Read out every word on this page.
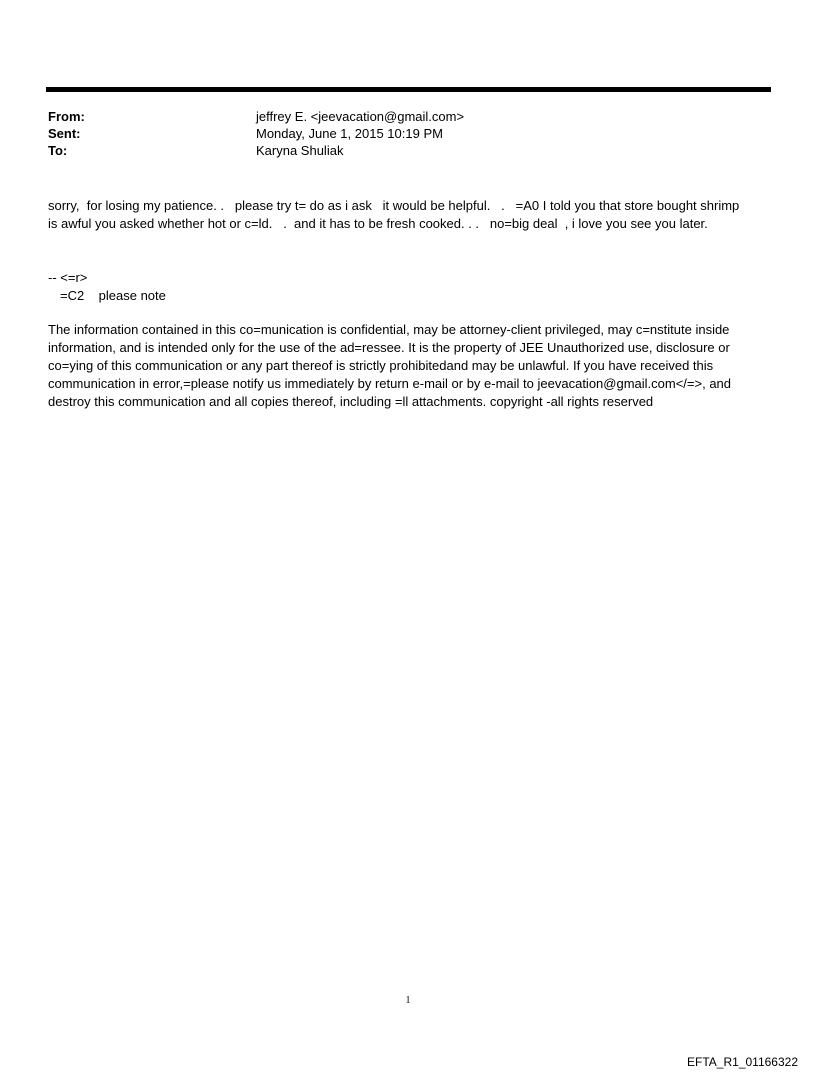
From:	jeffrey E. <jeevacation@gmail.com>
Sent:	Monday, June 1, 2015 10:19 PM
To:	Karyna Shuliak
sorry,  for losing my patience. .   please try t= do as i ask   it would be helpful.   .   =A0 I told you that store bought shrimp
is awful you asked whether hot or c=ld.   .  and it has to be fresh cooked. . .   no=big deal  , i love you see you later.
-- <=r>
=C2    please note
The information contained in this co=munication is confidential, may be attorney-client privileged, may c=nstitute inside
information, and is intended only for the use of the ad=ressee. It is the property of JEE Unauthorized use, disclosure or
co=ying of this communication or any part thereof is strictly prohibitedand may be unlawful. If you have received this
communication in error,=please notify us immediately by return e-mail or by e-mail to jeevacation@gmail.com</=>, and
destroy this communication and all copies thereof, including =ll attachments. copyright -all rights reserved
1
EFTA_R1_01166322
